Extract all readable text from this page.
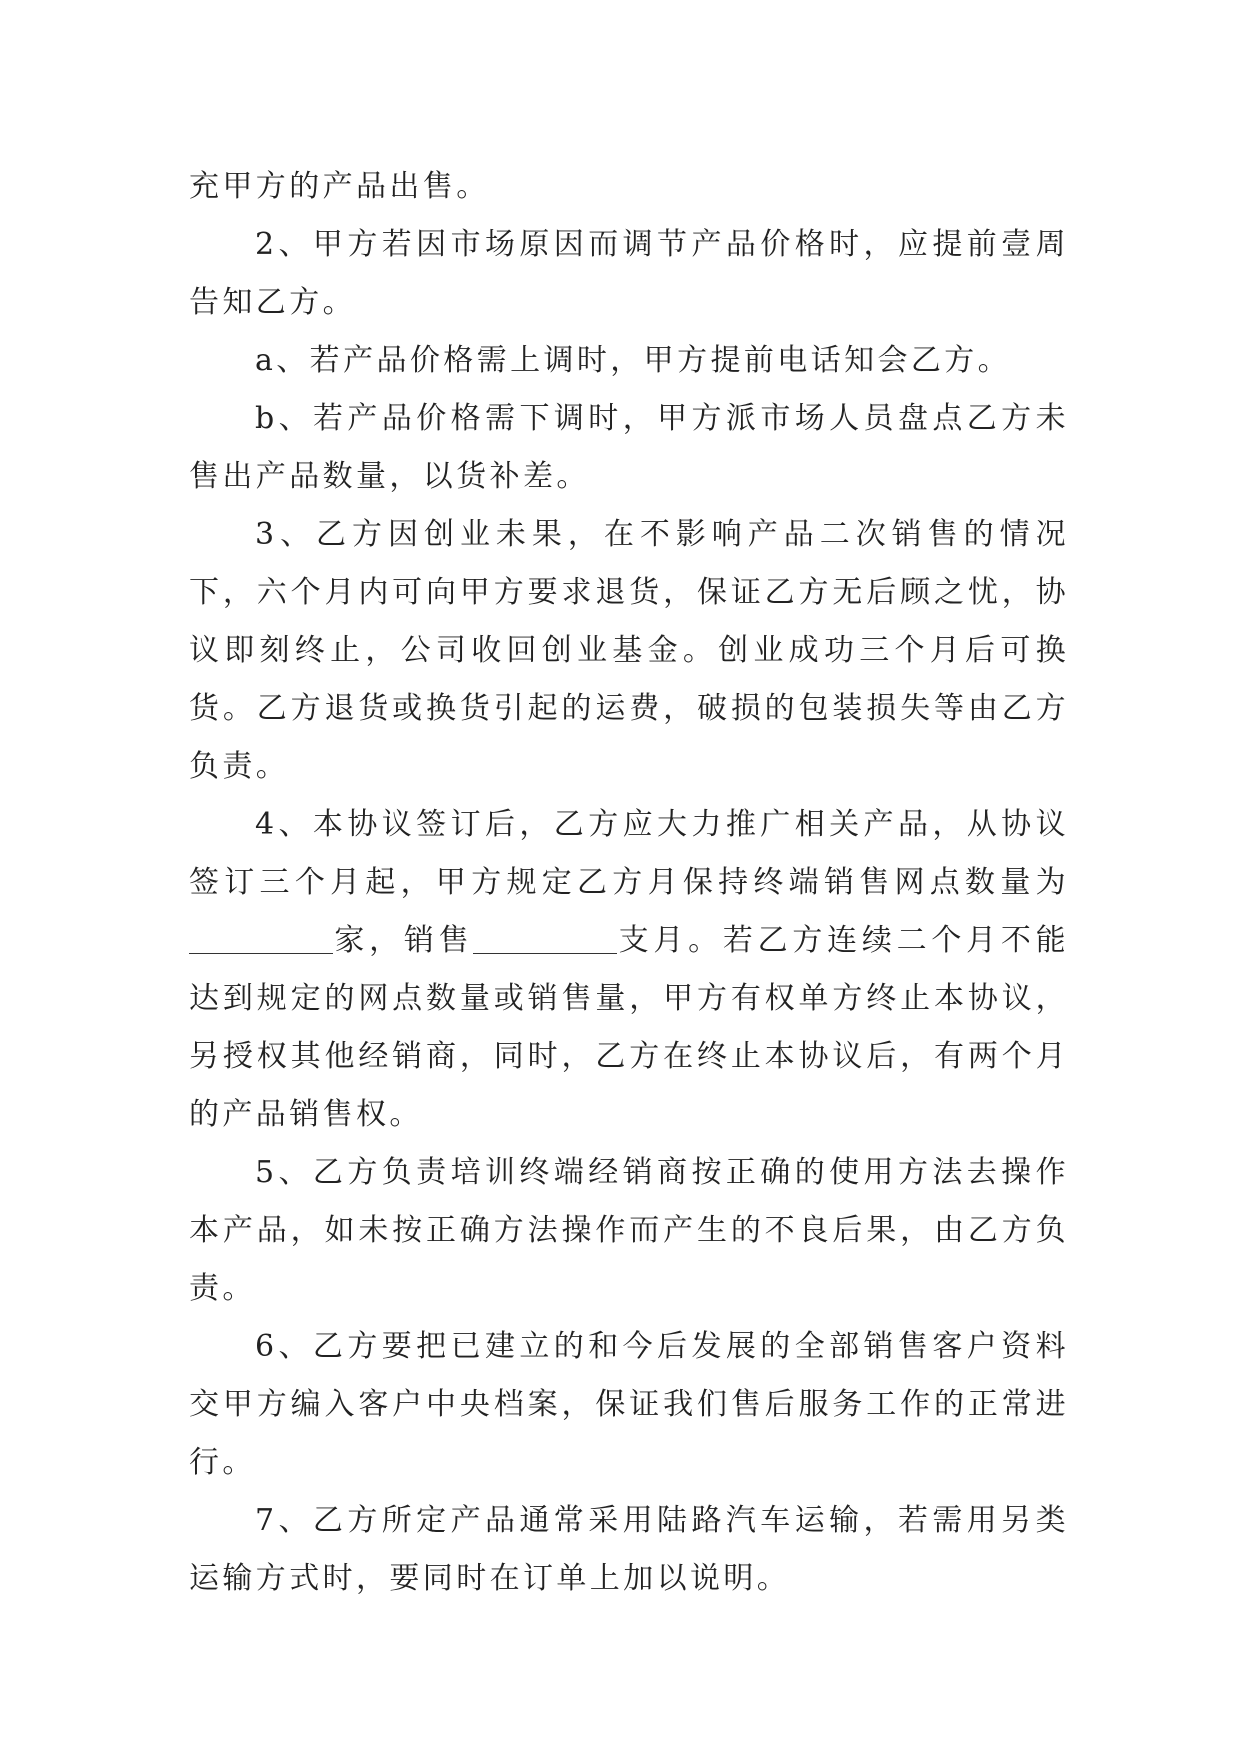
充甲方的产品出售。

2、甲方若因市场原因而调节产品价格时，应提前壹周告知乙方。

a、若产品价格需上调时，甲方提前电话知会乙方。

b、若产品价格需下调时，甲方派市场人员盘点乙方未售出产品数量，以货补差。

3、乙方因创业未果，在不影响产品二次销售的情况下，六个月内可向甲方要求退货，保证乙方无后顾之忧，协议即刻终止，公司收回创业基金。创业成功三个月后可换货。乙方退货或换货引起的运费，破损的包装损失等由乙方负责。

4、本协议签订后，乙方应大力推广相关产品，从协议签订三个月起，甲方规定乙方月保持终端销售网点数量为家，销售	支月。若乙方连续二个月不能达到规定的网点数量或销售量，甲方有权单方终止本协议，另授权其他经销商，同时，乙方在终止本协议后，有两个月的产品销售权。

5、乙方负责培训终端经销商按正确的使用方法去操作本产品，如未按正确方法操作而产生的不良后果，由乙方负责。

6、乙方要把已建立的和今后发展的全部销售客户资料交甲方编入客户中央档案，保证我们售后服务工作的正常进行。

7、乙方所定产品通常采用陆路汽车运输，若需用另类运输方式时，要同时在订单上加以说明。
